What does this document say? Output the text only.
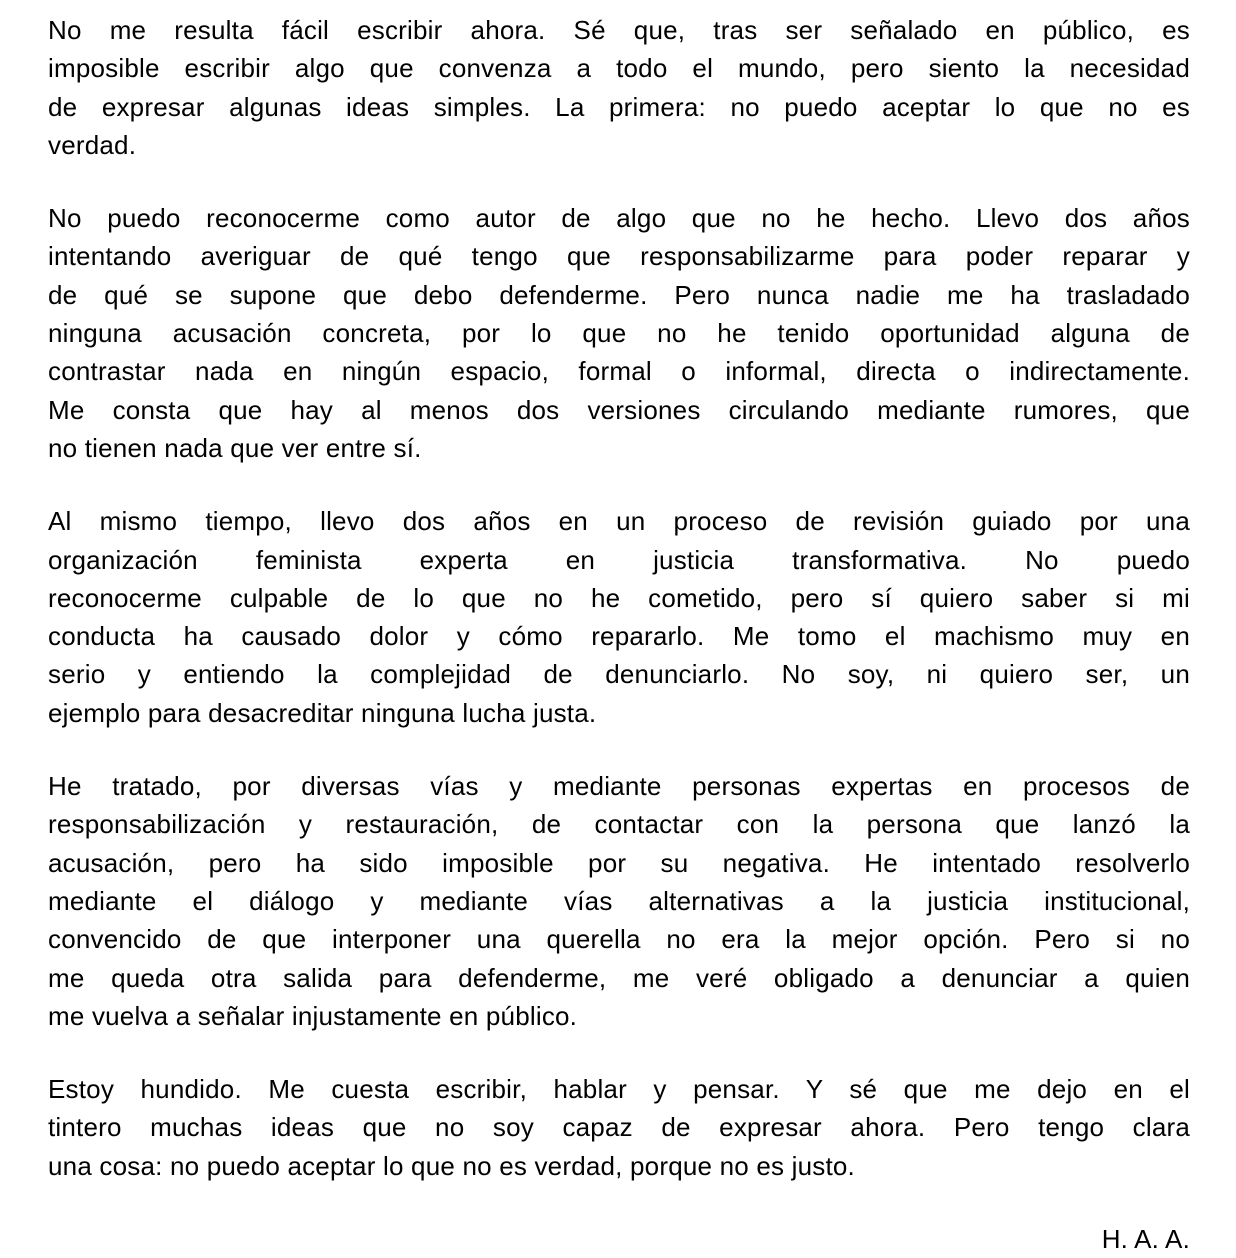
No me resulta fácil escribir ahora. Sé que, tras ser señalado en público, es
imposible escribir algo que convenza a todo el mundo, pero siento la necesidad
de expresar algunas ideas simples. La primera: no puedo aceptar lo que no es
verdad.
No puedo reconocerme como autor de algo que no he hecho. Llevo dos años
intentando averiguar de qué tengo que responsabilizarme para poder reparar y
de qué se supone que debo defenderme. Pero nunca nadie me ha trasladado
ninguna acusación concreta, por lo que no he tenido oportunidad alguna de
contrastar nada en ningún espacio, formal o informal, directa o indirectamente.
Me consta que hay al menos dos versiones circulando mediante rumores, que
no tienen nada que ver entre sí.
Al mismo tiempo, llevo dos años en un proceso de revisión guiado por una
organización feminista experta en justicia transformativa. No puedo
reconocerme culpable de lo que no he cometido, pero sí quiero saber si mi
conducta ha causado dolor y cómo repararlo. Me tomo el machismo muy en
serio y entiendo la complejidad de denunciarlo. No soy, ni quiero ser, un
ejemplo para desacreditar ninguna lucha justa.
He tratado, por diversas vías y mediante personas expertas en procesos de
responsabilización y restauración, de contactar con la persona que lanzó la
acusación, pero ha sido imposible por su negativa. He intentado resolverlo
mediante el diálogo y mediante vías alternativas a la justicia institucional,
convencido de que interponer una querella no era la mejor opción. Pero si no
me queda otra salida para defenderme, me veré obligado a denunciar a quien
me vuelva a señalar injustamente en público.
Estoy hundido. Me cuesta escribir, hablar y pensar. Y sé que me dejo en el
tintero muchas ideas que no soy capaz de expresar ahora. Pero tengo clara
una cosa: no puedo aceptar lo que no es verdad, porque no es justo.

H. A. A.
